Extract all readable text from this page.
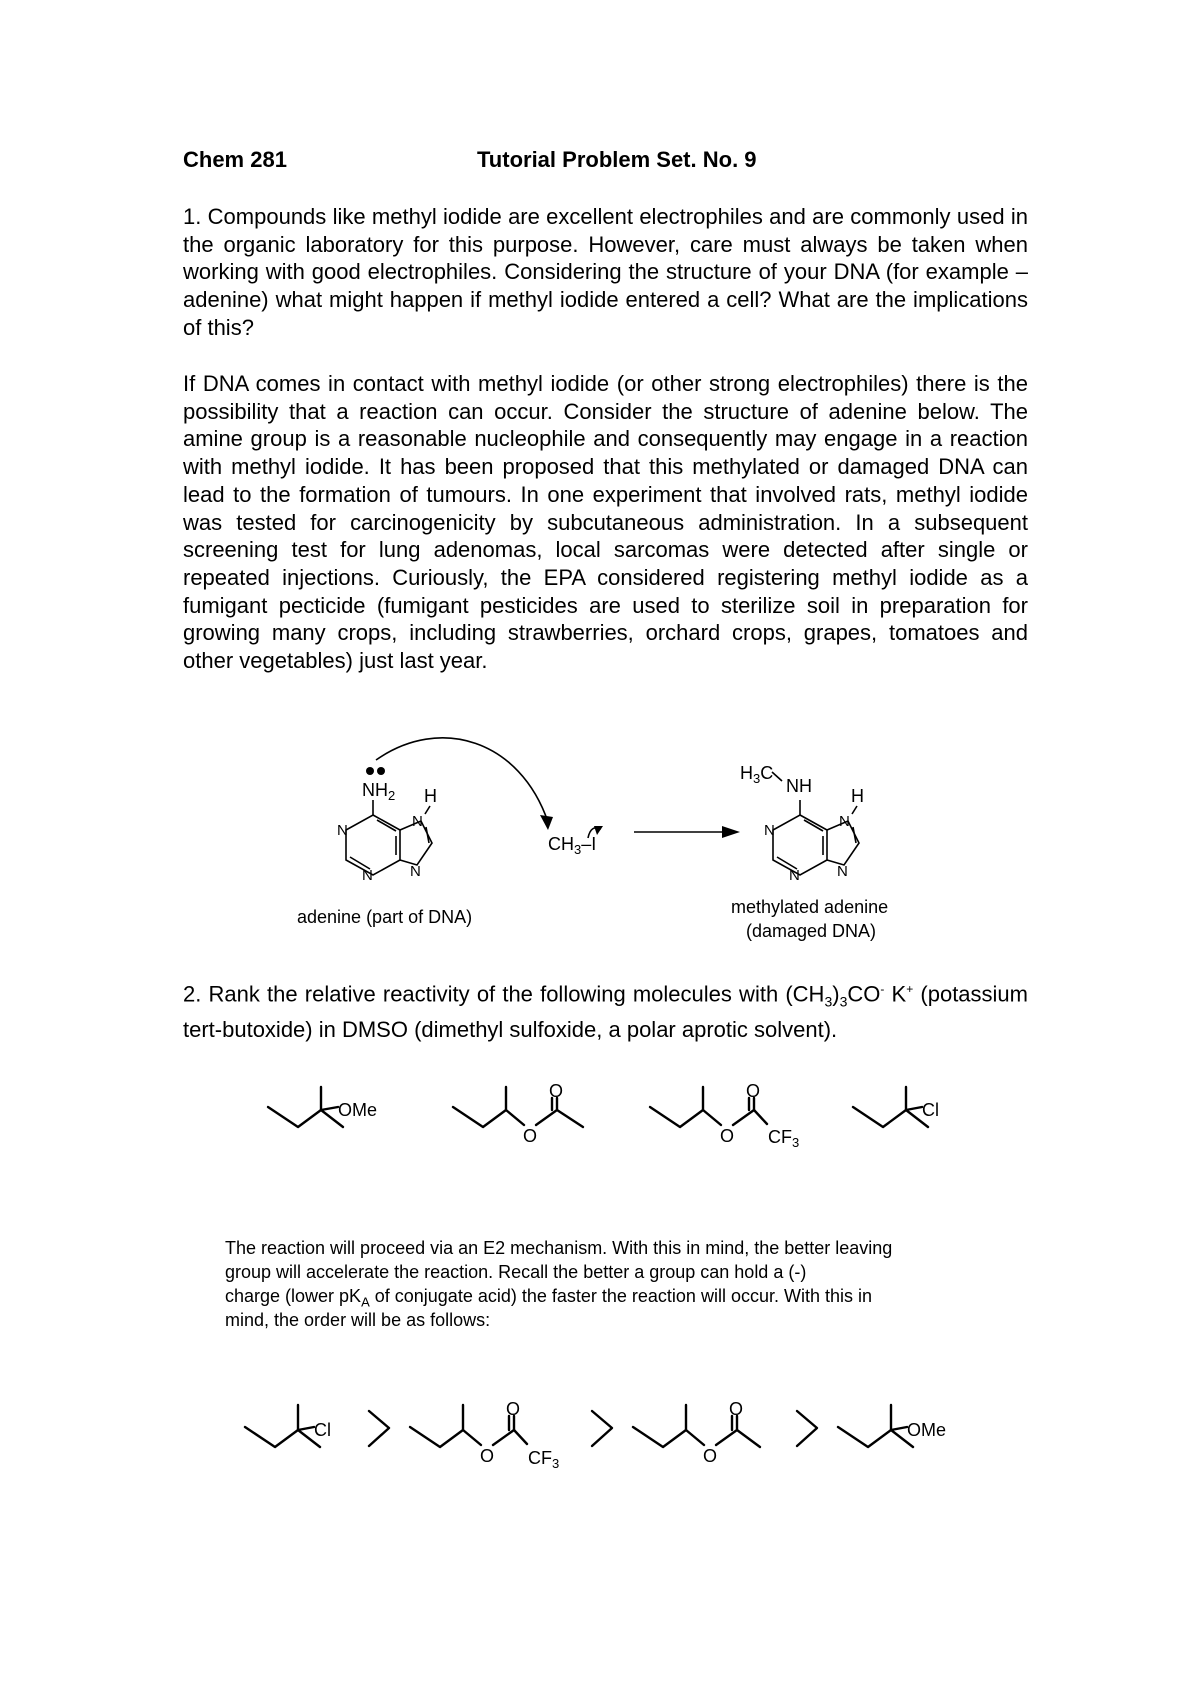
Chem 281	Tutorial Problem Set. No. 9

1. Compounds like methyl iodide are excellent electrophiles and are commonly used in the organic laboratory for this purpose. However, care must always be taken when working with good electrophiles. Considering the structure of your DNA (for example – adenine) what might happen if methyl iodide entered a cell? What are the implications of this?

If DNA comes in contact with methyl iodide (or other strong electrophiles) there is the possibility that a reaction can occur. Consider the structure of adenine below. The amine group is a reasonable nucleophile and consequently may engage in a reaction with methyl iodide. It has been proposed that this methylated or damaged DNA can lead to the formation of tumours. In one experiment that involved rats, methyl iodide was tested for carcinogenicity by subcutaneous administration. In a subsequent screening test for lung adenomas, local sarcomas were detected after single or repeated injections. Curiously, the EPA considered registering methyl iodide as a fumigant pecticide (fumigant pesticides are used to sterilize soil in preparation for growing many crops, including strawberries, orchard crops, grapes, tomatoes and other vegetables) just last year.

$NH_2$
N
N N
N
H
$CH_3-I$
$H_3C$
NH
N
N N
N
H
adenine (part of DNA)	methylated adenine
(damaged DNA)

2. Rank the relative reactivity of the following molecules with $(CH_3)_3CO^-$ K+ (potassium tert-butoxide) in DMSO (dimethyl sulfoxide, a polar aprotic solvent).

OMe
O
O
O
O
$CF_3$
Cl

The reaction will proceed via an E2 mechanism. With this in mind, the better leaving

group will accelerate the reaction. Recall the better a group can hold a (-)

charge (lower $pK_A$ of conjugate acid) the faster the reaction will occur. With this in

mind, the order will be as follows:

Cl
O
O
$CF_3$	O
O
OMe
